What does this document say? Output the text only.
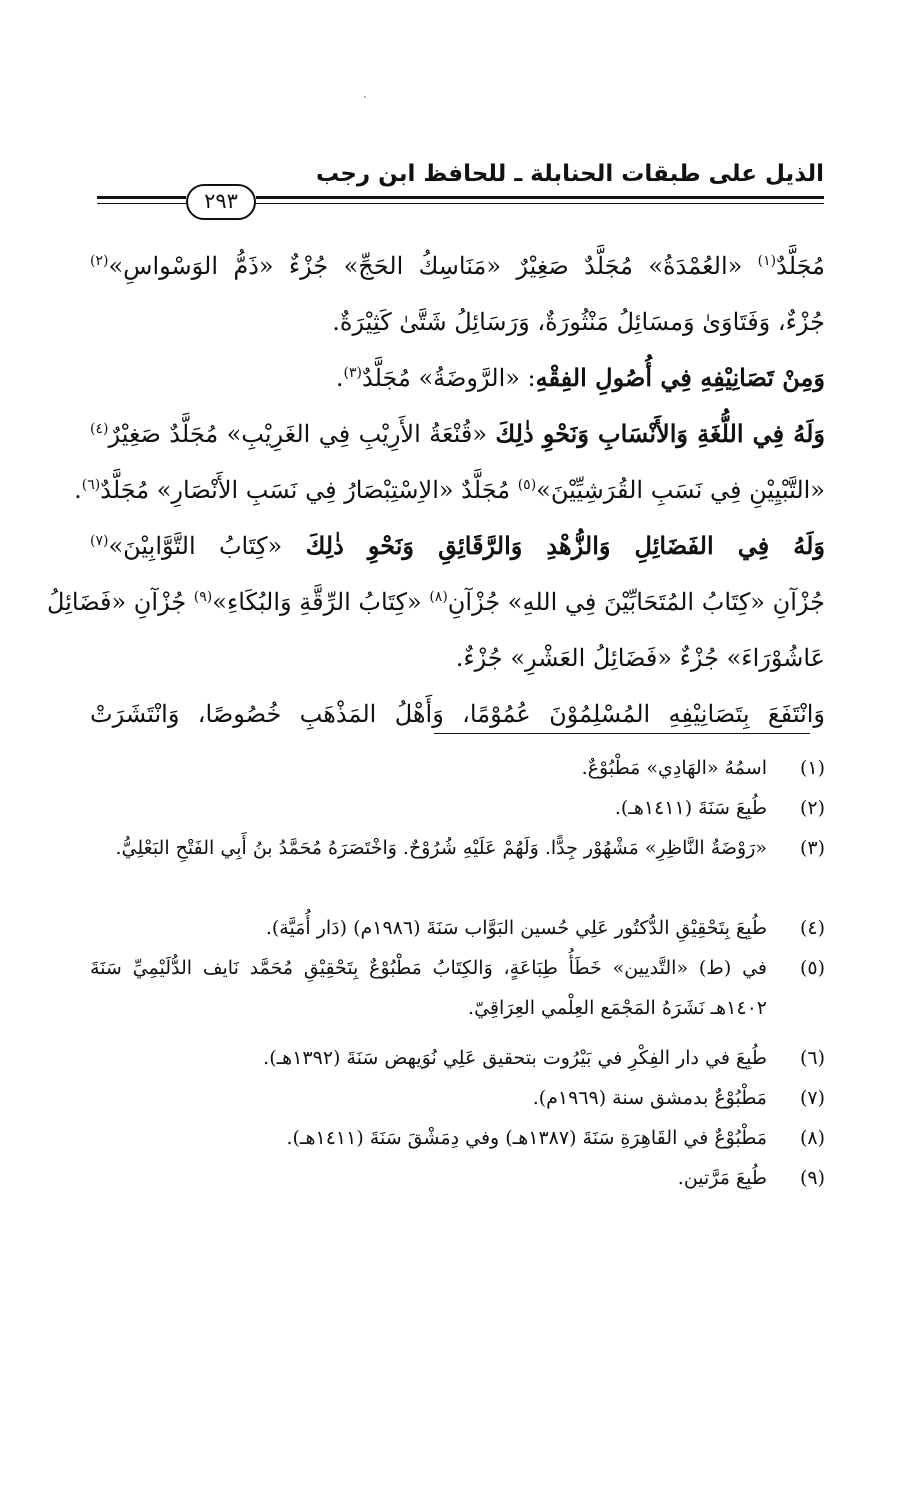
الذيل على طبقات الحنابلة ـ للحافظ ابن رجب
٢٩٣
مُجَلَّدٌ$^{(١)}$ «العُمْدَةُ» مُجَلَّدٌ صَغِيْرٌ «مَنَاسِكُ الحَجِّ» جُزْءٌ «ذَمُّ الوَسْواسِ»$^{(٢)}$
جُزْءٌ، وَفَتَاوَىٰ وَمسَائِلُ مَنْثُورَةٌ، وَرَسَائِلُ شَتَّىٰ كَثِيْرَةٌ.
وَمِنْ تَصَانِيْفِهِ فِي أُصُولِ الفِقْهِ: «الرَّوضَةُ» مُجَلَّدٌ$^{(٣)}$.
وَلَهُ فِي اللُّغَةِ وَالأَنْسَابِ وَنَحْوِ ذٰلِكَ «قُنْعَةُ الأَرِيْبِ فِي الغَرِيْبِ» مُجَلَّدٌ صَغِيْرٌ$^{(٤)}$
«التَّبْيِيْنِ فِي نَسَبِ القُرَشِيِّيْنَ»$^{(٥)}$ مُجَلَّدٌ «الاِسْتِبْصَارُ فِي نَسَبِ الأَنْصَارِ» مُجَلَّدٌ$^{(٦)}$.
وَلَهُ فِي الفَضَائِلِ وَالزُّهْدِ وَالرَّقَائِقِ وَنَحْوِ ذٰلِكَ «كِتَابُ التَّوَّابِيْنَ»$^{(٧)}$
جُزْآنِ «كِتَابُ المُتَحَابِّيْنَ فِي اللهِ» جُزْآنِ$^{(٨)}$ «كِتَابُ الرِّقَّةِ وَالبُكَاءِ»$^{(٩)}$ جُزْآنِ «فَضَائِلُ
عَاشُوْرَاءَ» جُزْءٌ «فَضَائِلُ العَشْرِ» جُزْءٌ.
وَانْتَفَعَ بِتَصَانِيْفِهِ المُسْلِمُوْنَ عُمُوْمًا، وَأَهْلُ المَذْهَبِ خُصُوصًا، وَانْتَشَرَتْ
(١)
اسمُهُ «الهَادِي» مَطْبُوْعٌ.
(٢)
طُبِعَ سَنَةَ (١٤١١هـ).
(٣)
«رَوْضَةُ النَّاظِرِ» مَشْهُوْر جِدًّا. وَلَهُمْ عَلَيْهِ شُرُوْحٌ. وَاخْتَصَرَهُ مُحَمَّدُ بنُ أَبِي الفَتْحِ البَعْلِيُّ.
(٤)
طُبِعَ بِتَحْقِيْقِ الدُّكتُور عَلِي حُسين البَوَّاب سَنَةَ (١٩٨٦م) (دَار أُمَيَّة).
(٥)
في (ط) «التَّديين» خَطَأُ طِبَاعَةٍ، وَالكِتَابُ مَطْبُوْعٌ بِتَحْقِيْقِ مُحَمَّد نَايف الدُّلَيْمِيِّ سَنَةَ ١٤٠٢هـ نَشَرَهُ المَجْمَع العِلْمي العِرَاقِيّ.
(٦)
طُبِعَ في دار الفِكْرِ في بَيْرُوت بتحقيق عَلِي نُوَيهض سَنَةَ (١٣٩٢هـ).
(٧)
مَطْبُوْعٌ بدمشق سنة (١٩٦٩م).
(٨)
مَطْبُوْعٌ في القَاهِرَةِ سَنَةَ (١٣٨٧هـ) وفي دِمَشْقَ سَنَةَ (١٤١١هـ).
(٩)
طُبِعَ مَرَّتين.
